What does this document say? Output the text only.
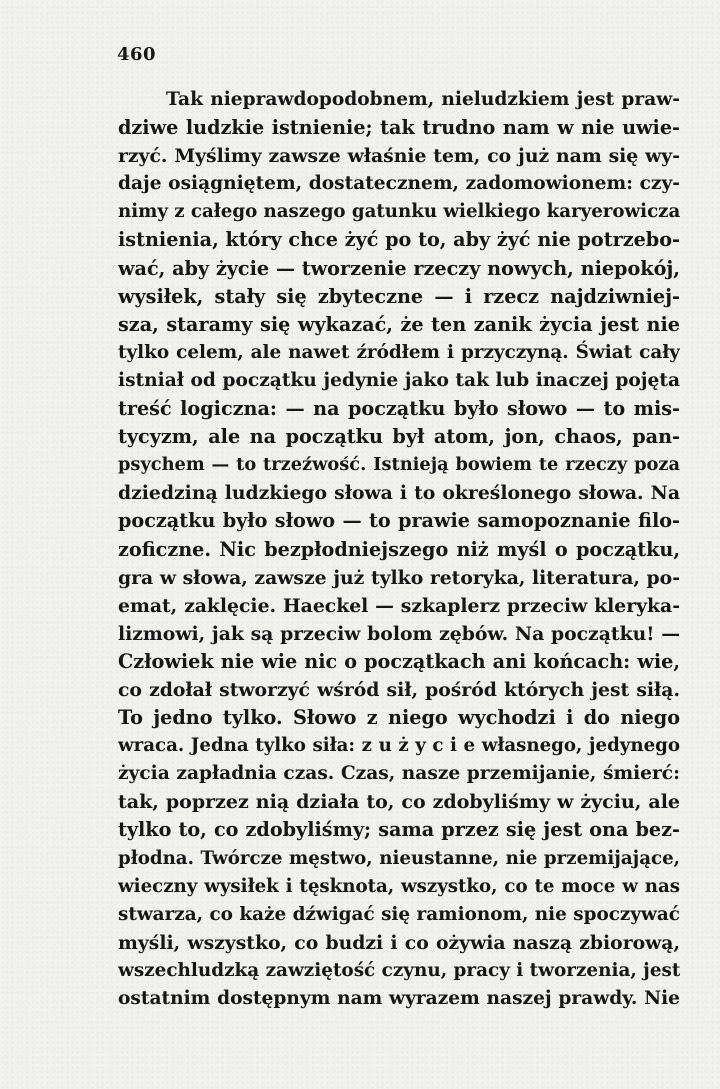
460
Tak nieprawdopodobnem, nieludzkiem jest praw-
dziwe ludzkie istnienie; tak trudno nam w nie uwie-
rzyć. Myślimy zawsze właśnie tem, co już nam się wy-
daje osiągniętem, dostatecznem, zadomowionem: czy-
nimy z całego naszego gatunku wielkiego karyerowicza
istnienia, który chce żyć po to, aby żyć nie potrzebo-
wać, aby życie — tworzenie rzeczy nowych, niepokój,
wysiłek, stały się zbyteczne — i rzecz najdziwniej-
sza, staramy się wykazać, że ten zanik życia jest nie
tylko celem, ale nawet źródłem i przyczyną. Świat cały
istniał od początku jedynie jako tak lub inaczej pojęta
treść logiczna: — na początku było słowo — to mis-
tycyzm, ale na początku był atom, jon, chaos, pan-
psychem — to trzeźwość. Istnieją bowiem te rzeczy poza
dziedziną ludzkiego słowa i to określonego słowa. Na
początku było słowo — to prawie samopoznanie filo-
zoficzne. Nic bezpłodniejszego niż myśl o początku,
gra w słowa, zawsze już tylko retoryka, literatura, po-
emat, zaklęcie. Haeckel — szkaplerz przeciw kleryka-
lizmowi, jak są przeciw bolom zębów. Na początku! —
Człowiek nie wie nic o początkach ani końcach: wie,
co zdołał stworzyć wśród sił, pośród których jest siłą.
To jedno tylko. Słowo z niego wychodzi i do niego
wraca. Jedna tylko siła: z u ż y c i e własnego, jedynego
życia zapładnia czas. Czas, nasze przemijanie, śmierć:
tak, poprzez nią działa to, co zdobyliśmy w życiu, ale
tylko to, co zdobyliśmy; sama przez się jest ona bez-
płodna. Twórcze męstwo, nieustanne, nie przemijające,
wieczny wysiłek i tęsknota, wszystko, co te moce w nas
stwarza, co każe dźwigać się ramionom, nie spoczywać
myśli, wszystko, co budzi i co ożywia naszą zbiorową,
wszechludzką zawziętość czynu, pracy i tworzenia, jest
ostatnim dostępnym nam wyrazem naszej prawdy. Nie
